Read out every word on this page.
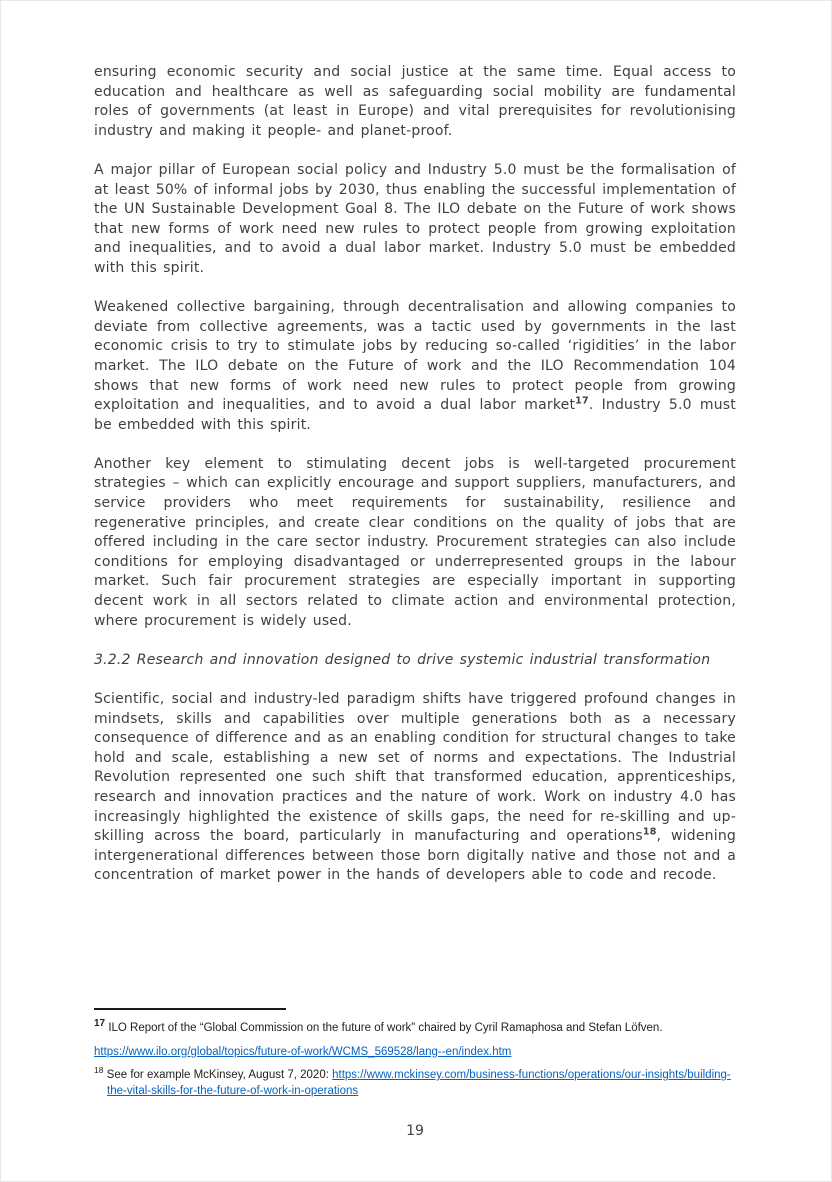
ensuring economic security and social justice at the same time. Equal access to education and healthcare as well as safeguarding social mobility are fundamental roles of governments (at least in Europe) and vital prerequisites for revolutionising industry and making it people- and planet-proof.

A major pillar of European social policy and Industry 5.0 must be the formalisation of at least 50% of informal jobs by 2030, thus enabling the successful implementation of the UN Sustainable Development Goal 8. The ILO debate on the Future of work shows that new forms of work need new rules to protect people from growing exploitation and inequalities, and to avoid a dual labor market. Industry 5.0 must be embedded with this spirit.

Weakened collective bargaining, through decentralisation and allowing companies to deviate from collective agreements, was a tactic used by governments in the last economic crisis to try to stimulate jobs by reducing so-called ‘rigidities’ in the labor market. The ILO debate on the Future of work and the ILO Recommendation 104 shows that new forms of work need new rules to protect people from growing exploitation and inequalities, and to avoid a dual labor market$^{17}$. Industry 5.0 must be embedded with this spirit.

Another key element to stimulating decent jobs is well-targeted procurement strategies – which can explicitly encourage and support suppliers, manufacturers, and service providers who meet requirements for sustainability, resilience and regenerative principles, and create clear conditions on the quality of jobs that are offered including in the care sector industry. Procurement strategies can also include conditions for employing disadvantaged or underrepresented groups in the labour market. Such fair procurement strategies are especially important in supporting decent work in all sectors related to climate action and environmental protection, where procurement is widely used.

3.2.2 Research and innovation designed to drive systemic industrial transformation

Scientific, social and industry-led paradigm shifts have triggered profound changes in mindsets, skills and capabilities over multiple generations both as a necessary consequence of difference and as an enabling condition for structural changes to take hold and scale, establishing a new set of norms and expectations. The Industrial Revolution represented one such shift that transformed education, apprenticeships, research and innovation practices and the nature of work. Work on industry 4.0 has increasingly highlighted the existence of skills gaps, the need for re-skilling and up-skilling across the board, particularly in manufacturing and operations$^{18}$, widening intergenerational differences between those born digitally native and those not and a concentration of market power in the hands of developers able to code and recode.

$^{17}$ ILO Report of the “Global Commission on the future of work” chaired by Cyril Ramaphosa and Stefan Löfven.

https://www.ilo.org/global/topics/future-of-work/WCMS_569528/lang--en/index.htm

$^{18}$ See for example McKinsey, August 7, 2020: https://www.mckinsey.com/business-functions/operations/our-insights/building-the-vital-skills-for-the-future-of-work-in-operations

19
